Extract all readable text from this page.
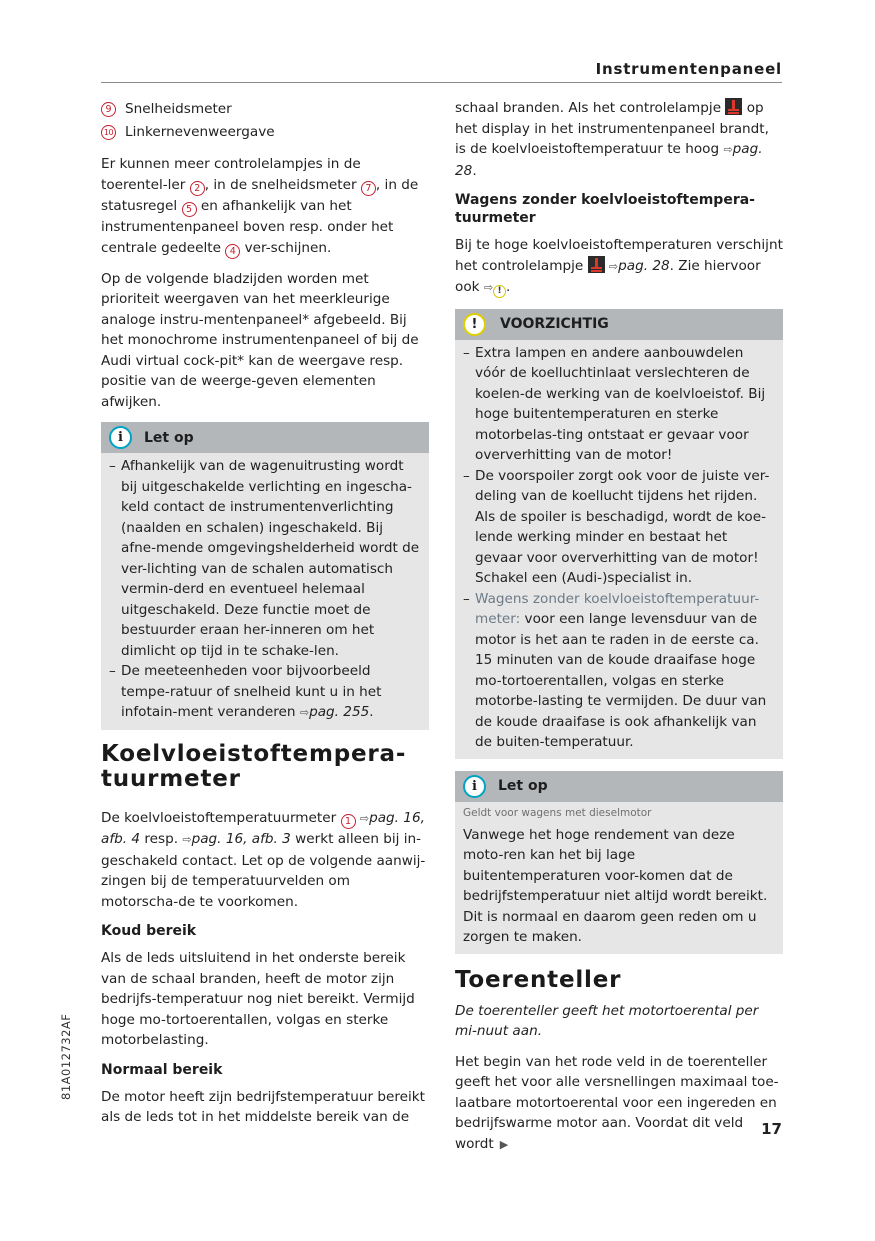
Instrumentenpaneel
9 Snelheidsmeter
10 Linkernevenweergave

Er kunnen meer controlelampjes in de toerentel-ler 2 , in de snelheidsmeter 7 , in de statusregel 5 en afhankelijk van het instrumentenpaneel boven resp. onder het centrale gedeelte 4 ver-schijnen.

Op de volgende bladzijden worden met prioriteit weergaven van het meerkleurige analoge instru-mentenpaneel* afgebeeld. Bij het monochrome instrumentenpaneel of bij de Audi virtual cock-pit* kan de weergave resp. positie van de weerge-geven elementen afwijken.

i	Let op
– Afhankelijk van de wagenuitrusting wordt bij uitgeschakelde verlichting en ingescha-keld contact de instrumentenverlichting (naalden en schalen) ingeschakeld. Bij afne-mende omgevingshelderheid wordt de ver-lichting van de schalen automatisch vermin-derd en eventueel helemaal uitgeschakeld. Deze functie moet de bestuurder eraan her-inneren om het dimlicht op tijd in te schake-len.
– De meeteenheden voor bijvoorbeeld tempe-ratuur of snelheid kunt u in het infotain-ment veranderen ⇨pag. 255.
Koelvloeistoftempera-tuurmeter

De koelvloeistoftemperatuurmeter 1 ⇨pag. 16, afb. 4 resp. ⇨pag. 16, afb. 3 werkt alleen bij in-geschakeld contact. Let op de volgende aanwij-zingen bij de temperatuurvelden om motorscha-de te voorkomen.

Koud bereik

Als de leds uitsluitend in het onderste bereik van de schaal branden, heeft de motor zijn bedrijfs-temperatuur nog niet bereikt. Vermijd hoge mo-tortoerentallen, volgas en sterke motorbelasting.

Normaal bereik

De motor heeft zijn bedrijfstemperatuur bereikt als de leds tot in het middelste bereik van de

schaal branden. Als het controlelampje  op het display in het instrumentenpaneel brandt, is de koelvloeistoftemperatuur te hoog ⇨pag. 28.

Wagens zonder koelvloeistoftempera-tuurmeter

Bij te hoge koelvloeistoftemperaturen verschijnt het controlelampje  ⇨pag. 28. Zie hiervoor ook ⇨ ! .

!	VOORZICHTIG
– Extra lampen en andere aanbouwdelen vóór de koelluchtinlaat verslechteren de koelen-de werking van de koelvloeistof. Bij hoge buitentemperaturen en sterke motorbelas-ting ontstaat er gevaar voor oververhitting van de motor!
– De voorspoiler zorgt ook voor de juiste ver-deling van de koellucht tijdens het rijden. Als de spoiler is beschadigd, wordt de koe-lende werking minder en bestaat het gevaar voor oververhitting van de motor! Schakel een (Audi-)specialist in.
– Wagens zonder koelvloeistoftemperatuur-meter: voor een lange levensduur van de motor is het aan te raden in de eerste ca. 15 minuten van de koude draaifase hoge mo-tortoerentallen, volgas en sterke motorbe-lasting te vermijden. De duur van de koude draaifase is ook afhankelijk van de buiten-temperatuur.
i	Let op
Geldt voor wagens met dieselmotor

Vanwege het hoge rendement van deze moto-ren kan het bij lage buitentemperaturen voor-komen dat de bedrijfstemperatuur niet altijd wordt bereikt. Dit is normaal en daarom geen reden om u zorgen te maken.

Toerenteller

De toerenteller geeft het motortoerental per mi-nuut aan.

Het begin van het rode veld in de toerenteller geeft het voor alle versnellingen maximaal toe-laatbare motortoerental voor een ingereden en bedrijfswarme motor aan. Voordat dit veld wordt ▶

81A012732AF
17
